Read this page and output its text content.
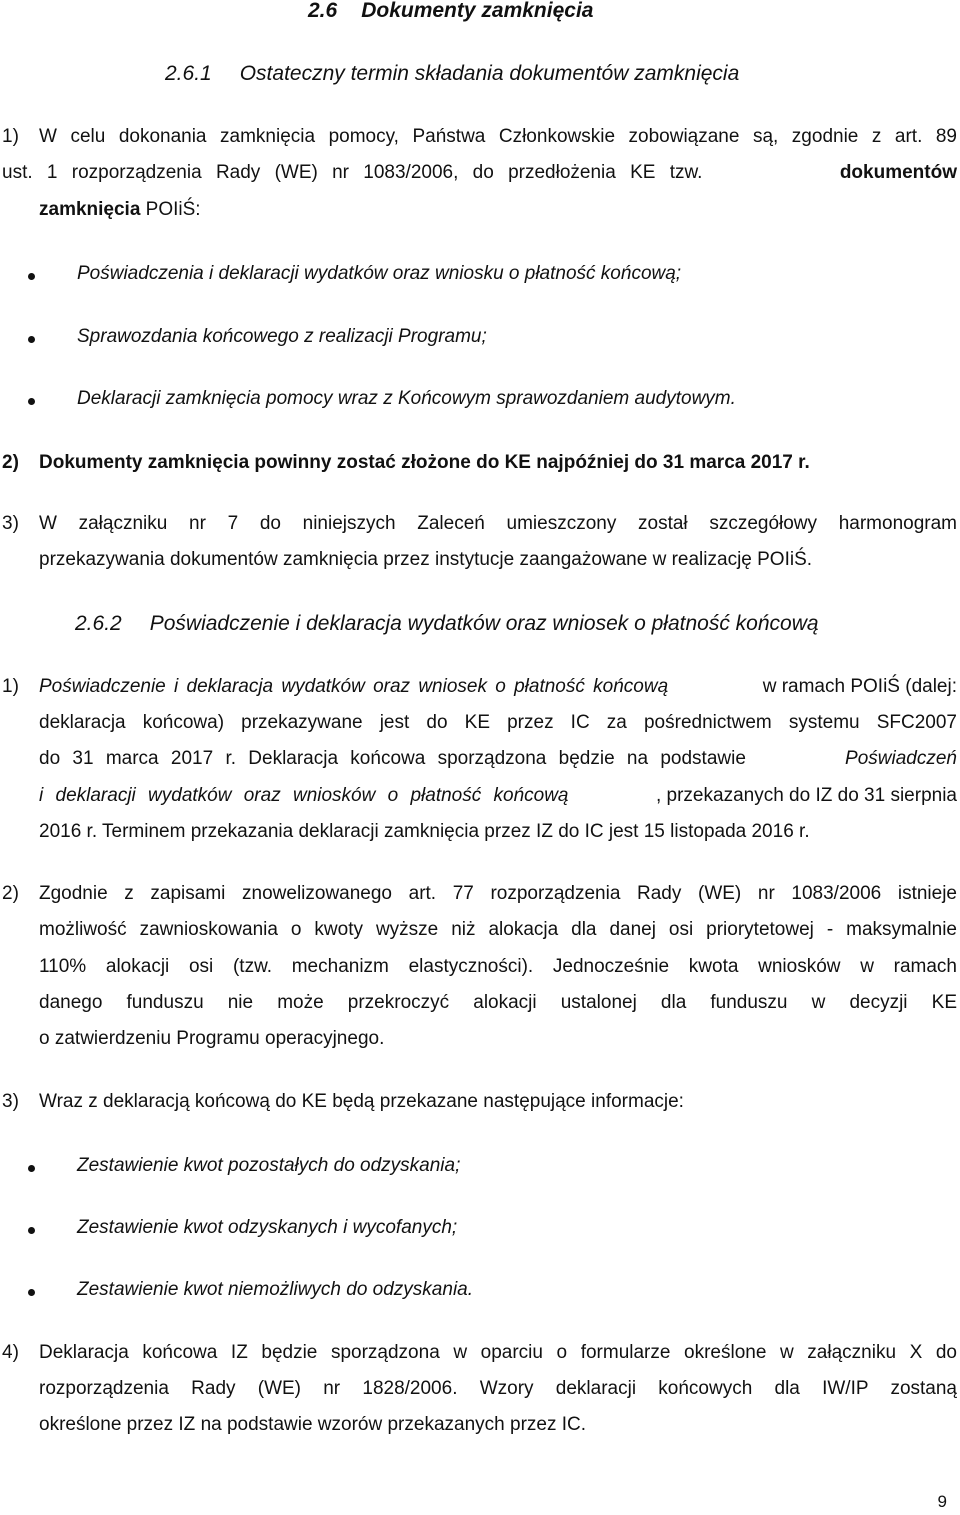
2.6 Dokumenty zamknięcia
2.6.1 Ostateczny termin składania dokumentów zamknięcia
1) W celu dokonania zamknięcia pomocy, Państwa Członkowskie zobowiązane są, zgodnie z art. 89
ust. 1 rozporządzenia Rady (WE) nr 1083/2006, do przedłożenia KE tzw.	dokumentów
zamknięcia POIiŚ:
Poświadczenia i deklaracji wydatków oraz wniosku o płatność końcową;
Sprawozdania końcowego z realizacji Programu;
Deklaracji zamknięcia pomocy wraz z Końcowym sprawozdaniem audytowym.
2) Dokumenty zamknięcia powinny zostać złożone do KE najpóźniej do 31 marca 2017 r.
3) W załączniku nr 7 do niniejszych Zaleceń umieszczony został szczegółowy harmonogram
przekazywania dokumentów zamknięcia przez instytucje zaangażowane w realizację POIiŚ.
2.6.2 Poświadczenie i deklaracja wydatków oraz wniosek o płatność końcową
1) Poświadczenie i deklaracja wydatków oraz wniosek o płatność końcową	w ramach POIiŚ (dalej:
deklaracja końcowa) przekazywane jest do KE przez IC za pośrednictwem systemu SFC2007
do 31 marca 2017 r. Deklaracja końcowa sporządzona będzie na podstawie	Poświadczeń
i deklaracji wydatków oraz wniosków o płatność końcową	, przekazanych do IZ do 31 sierpnia
2016 r. Terminem przekazania deklaracji zamknięcia przez IZ do IC jest 15 listopada 2016 r.
2) Zgodnie z zapisami znowelizowanego art. 77 rozporządzenia Rady (WE) nr 1083/2006 istnieje
możliwość zawnioskowania o kwoty wyższe niż alokacja dla danej osi priorytetowej - maksymalnie
110% alokacji osi (tzw. mechanizm elastyczności). Jednocześnie kwota wniosków w ramach
danego funduszu nie może przekroczyć alokacji ustalonej dla funduszu w decyzji KE
o zatwierdzeniu Programu operacyjnego.
3) Wraz z deklaracją końcową do KE będą przekazane następujące informacje:
Zestawienie kwot pozostałych do odzyskania;
Zestawienie kwot odzyskanych i wycofanych;
Zestawienie kwot niemożliwych do odzyskania.
4) Deklaracja końcowa IZ będzie sporządzona w oparciu o formularze określone w załączniku X do
rozporządzenia Rady (WE) nr 1828/2006. Wzory deklaracji końcowych dla IW/IP zostaną
określone przez IZ na podstawie wzorów przekazanych przez IC.
9
